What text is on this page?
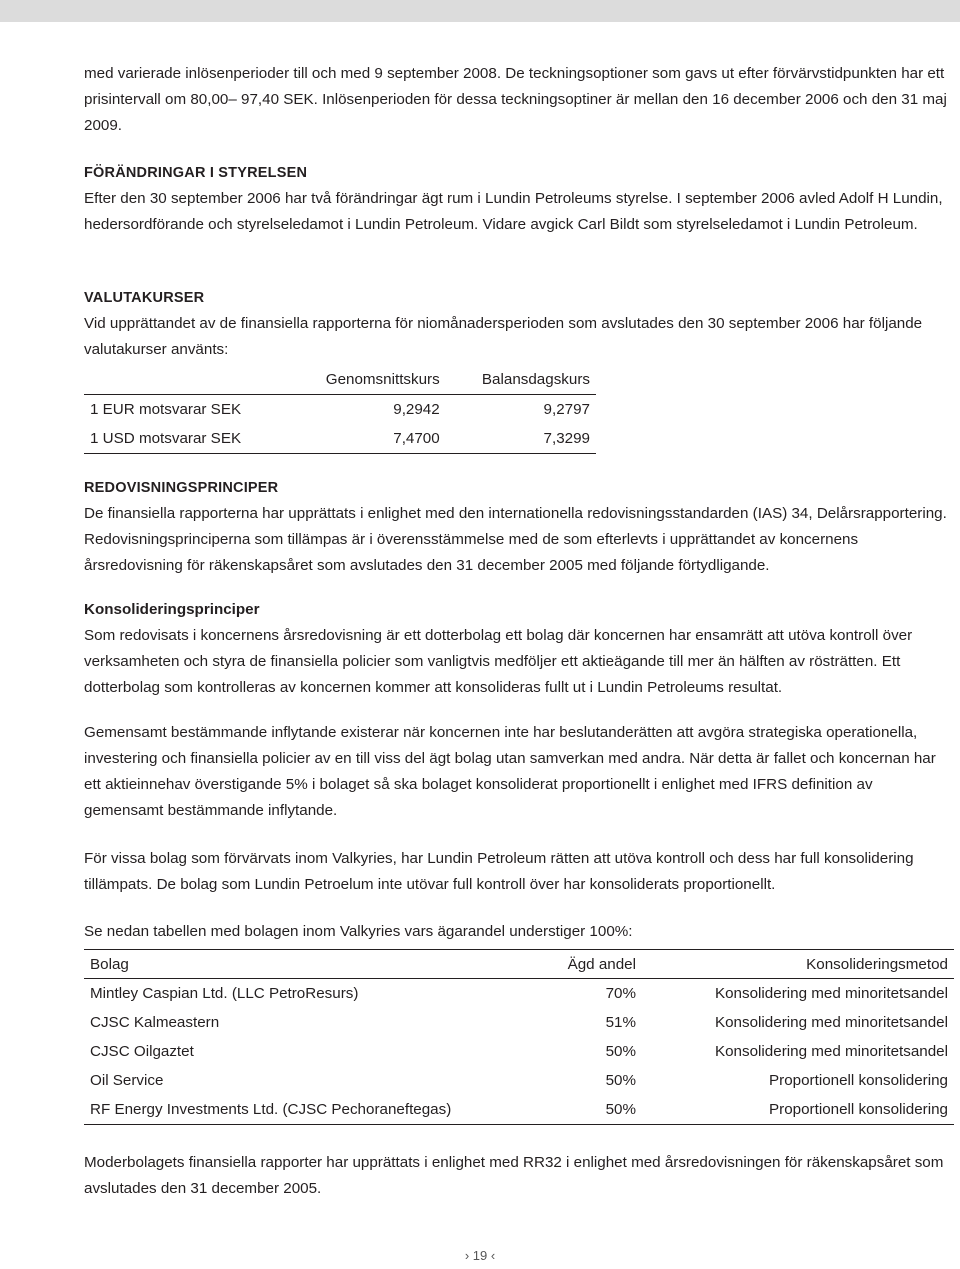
med varierade inlösenperioder till och med 9 september 2008. De teckningsoptioner som gavs ut efter förvärvstidpunkten har ett prisintervall om 80,00– 97,40 SEK. Inlösenperioden för dessa teckningsoptiner är mellan den 16 december 2006 och den 31 maj 2009.

FÖRÄNDRINGAR I STYRELSEN

Efter den 30 september 2006 har två förändringar ägt rum i Lundin Petroleums styrelse. I september 2006 avled Adolf H Lundin, hedersordförande och styrelseledamot i Lundin Petroleum. Vidare avgick Carl Bildt som styrelseledamot i Lundin Petroleum.

VALUTAKURSER

Vid upprättandet av de finansiella rapporterna för niomånadersperioden som avslutades den 30 september 2006 har följande valutakurser använts:

	Genomsnittskurs	Balansdagskurs
1 EUR motsvarar SEK	9,2942	9,2797
1 USD motsvarar SEK	7,4700	7,3299
REDOVISNINGSPRINCIPER

De finansiella rapporterna har upprättats i enlighet med den internationella redovisningsstandarden (IAS) 34, Delårsrapportering. Redovisningsprinciperna som tillämpas är i överensstämmelse med de som efterlevts i upprättandet av koncernens årsredovisning för räkenskapsåret som avslutades den 31 december 2005 med följande förtydligande.

Konsolideringsprinciper

Som redovisats i koncernens årsredovisning är ett dotterbolag ett bolag där koncernen har ensamrätt att utöva kontroll över verksamheten och styra de finansiella policier som vanligtvis medföljer ett aktieägande till mer än hälften av rösträtten. Ett dotterbolag som kontrolleras av koncernen kommer att konsolideras fullt ut i Lundin Petroleums resultat.

Gemensamt bestämmande inflytande existerar när koncernen inte har beslutanderätten att avgöra strategiska operationella, investering och finansiella policier av en till viss del ägt bolag utan samverkan med andra. När detta är fallet och koncernan har ett aktieinnehav överstigande 5% i bolaget så ska bolaget konsoliderat proportionellt i enlighet med IFRS definition av gemensamt bestämmande inflytande.

För vissa bolag som förvärvats inom Valkyries, har Lundin Petroleum rätten att utöva kontroll och dess har full konsolidering tillämpats. De bolag som Lundin Petroelum inte utövar full kontroll över har konsoliderats proportionellt.

Se nedan tabellen med bolagen inom Valkyries vars ägarandel understiger 100%:

Bolag	Ägd andel	Konsolideringsmetod
Mintley Caspian Ltd. (LLC PetroResurs)	70%	Konsolidering med minoritetsandel
CJSC Kalmeastern	51%	Konsolidering med minoritetsandel
CJSC Oilgaztet	50%	Konsolidering med minoritetsandel
Oil Service	50%	Proportionell konsolidering
RF Energy Investments Ltd. (CJSC Pechoraneftegas)	50%	Proportionell konsolidering

Moderbolagets finansiella rapporter har upprättats i enlighet med RR32 i enlighet med årsredovisningen för räkenskapsåret som avslutades den 31 december 2005.

› 19 ‹
